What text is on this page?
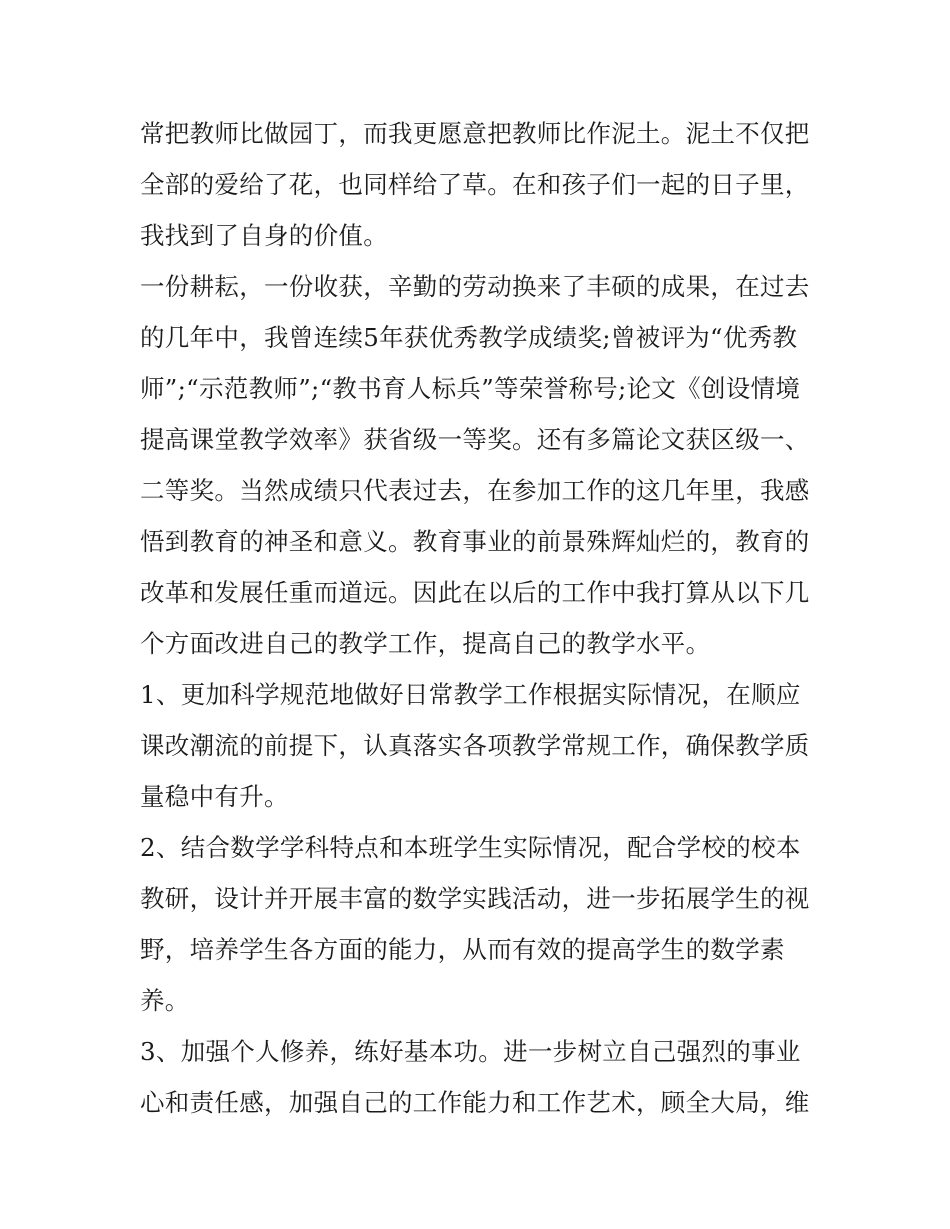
常把教师比做园丁，而我更愿意把教师比作泥土。泥土不仅把全部的爱给了花，也同样给了草。在和孩子们一起的日子里，我找到了自身的价值。

一份耕耘，一份收获，辛勤的劳动换来了丰硕的成果，在过去的几年中，我曾连续5年获优秀教学成绩奖;曾被评为“优秀教师”;“示范教师”;“教书育人标兵”等荣誉称号;论文《创设情境提高课堂教学效率》获省级一等奖。还有多篇论文获区级一、二等奖。当然成绩只代表过去，在参加工作的这几年里，我感悟到教育的神圣和意义。教育事业的前景殊辉灿烂的，教育的改革和发展任重而道远。因此在以后的工作中我打算从以下几个方面改进自己的教学工作，提高自己的教学水平。

1、更加科学规范地做好日常教学工作根据实际情况，在顺应课改潮流的前提下，认真落实各项教学常规工作，确保教学质量稳中有升。

2、结合数学学科特点和本班学生实际情况，配合学校的校本教研，设计并开展丰富的数学实践活动，进一步拓展学生的视野，培养学生各方面的能力，从而有效的提高学生的数学素养。

3、加强个人修养，练好基本功。进一步树立自己强烈的事业心和责任感，加强自己的工作能力和工作艺术，顾全大局，维
